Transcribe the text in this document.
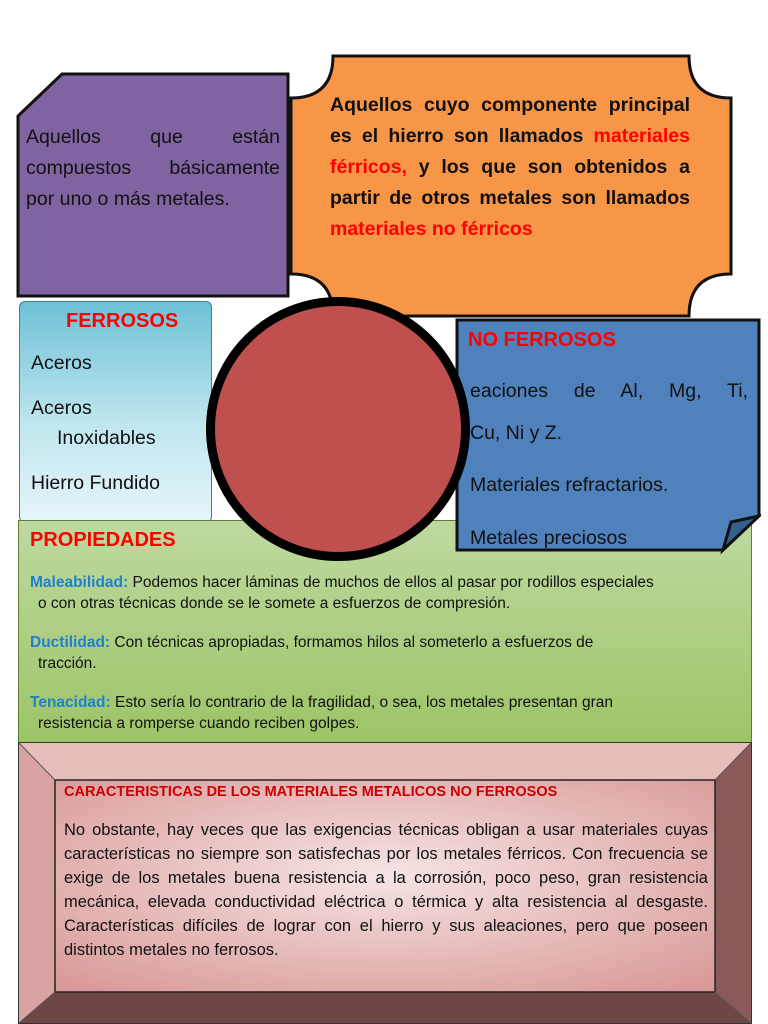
Aquellos que están compuestos básicamente por uno o más metales.
Aquellos cuyo componente principal es el hierro son llamados materiales férricos, y los que son obtenidos a partir de otros metales son llamados materiales no férricos
FERROSOS
Aceros
Aceros
Inoxidables
Hierro Fundido
PROPIEDADES
Maleabilidad: Podemos hacer láminas de muchos de ellos al pasar por rodillos especiales
o con otras técnicas donde se le somete a esfuerzos de compresión.
Ductilidad: Con técnicas apropiadas, formamos hilos al someterlo a esfuerzos de
tracción.
Tenacidad: Esto sería lo contrario de la fragilidad, o sea, los metales presentan gran
resistencia a romperse cuando reciben golpes.
NO FERROSOS
eaciones de Al, Mg, Ti,
Cu, Ni y Z.
Materiales refractarios.
Metales preciosos
CARACTERISTICAS DE LOS MATERIALES METALICOS NO FERROSOS
No obstante, hay veces que las exigencias técnicas obligan a usar materiales cuyas características no siempre son satisfechas por los metales férricos. Con frecuencia se exige de los metales buena resistencia a la corrosión, poco peso, gran resistencia mecánica, elevada conductividad eléctrica o térmica y alta resistencia al desgaste. Características difíciles de lograr con el hierro y sus aleaciones, pero que poseen distintos metales no ferrosos.
